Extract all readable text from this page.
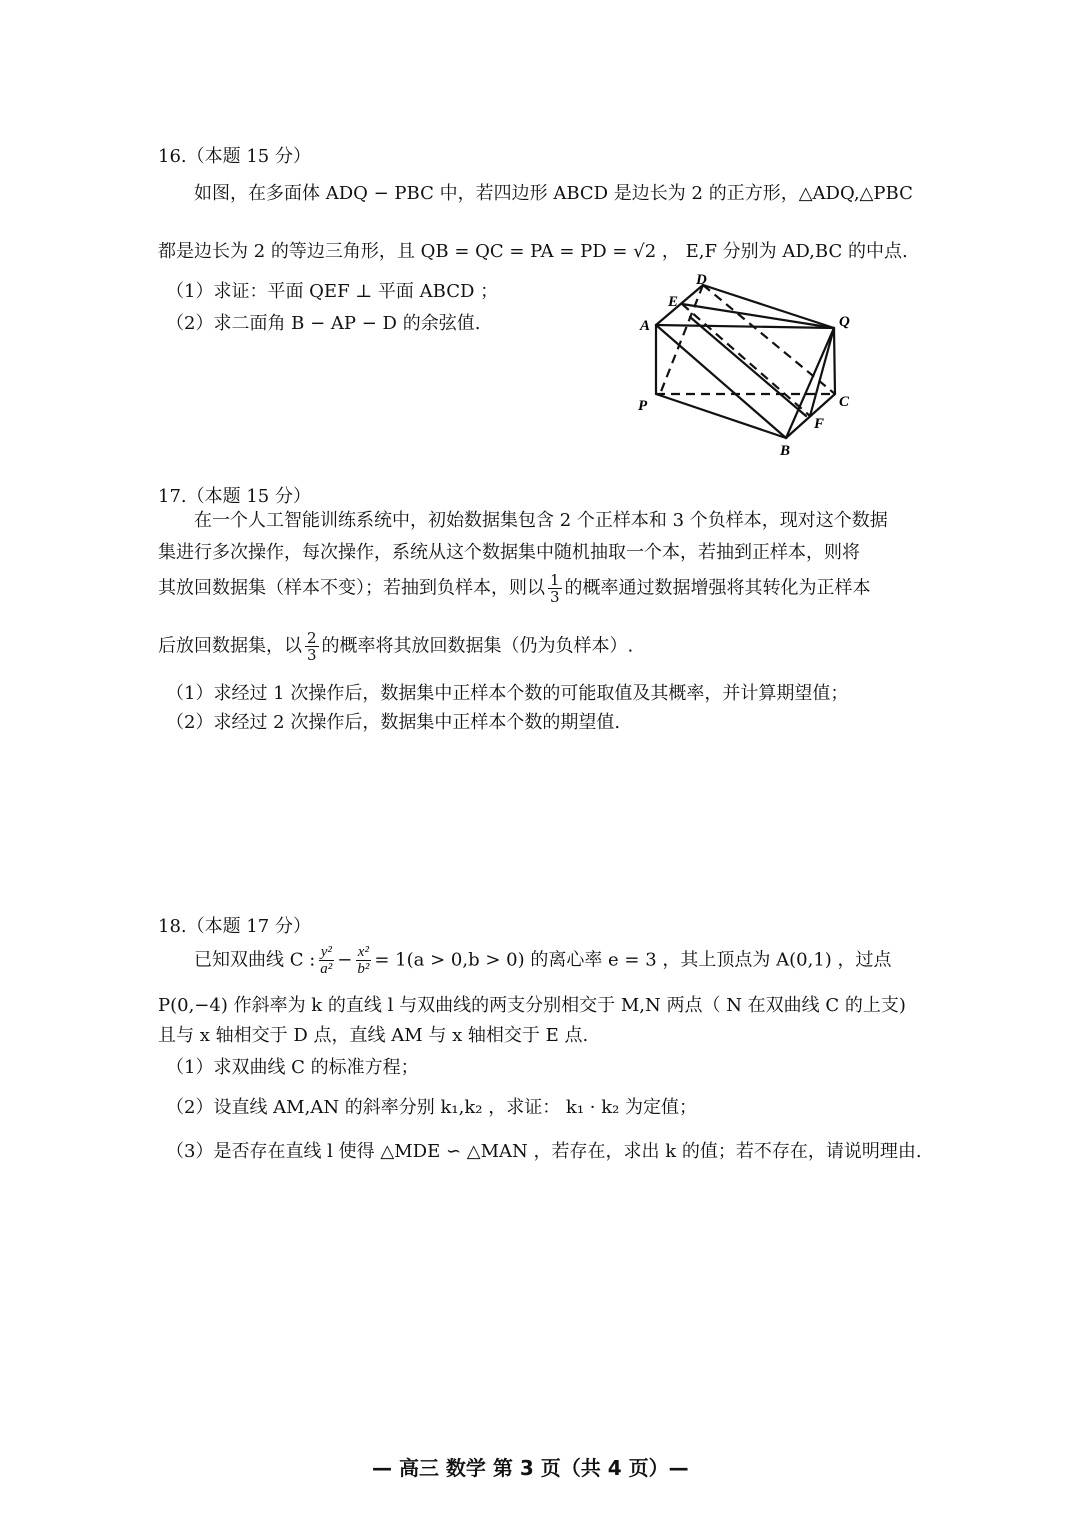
16.（本题 15 分）
如图，在多面体 ADQ − PBC 中，若四边形 ABCD 是边长为 2 的正方形，△ADQ,△PBC
都是边长为 2 的等边三角形，且 QB = QC = PA = PD = √2 ， E,F 分别为 AD,BC 的中点.
（1）求证：平面 QEF ⊥ 平面 ABCD ；
（2）求二面角 B − AP − D 的余弦值.	A
B
C
D
E
F
P
Q
17.（本题 15 分）
在一个人工智能训练系统中，初始数据集包含 2 个正样本和 3 个负样本，现对这个数据
集进行多次操作，每次操作，系统从这个数据集中随机抽取一个本，若抽到正样本，则将
其放回数据集（样本不变）；若抽到负样本，则以 $\frac{1}{3}$ 的概率通过数据增强将其转化为正样本
后放回数据集，以 $\frac{2}{3}$ 的概率将其放回数据集（仍为负样本）.
（1）求经过 1 次操作后，数据集中正样本个数的可能取值及其概率，并计算期望值；
（2）求经过 2 次操作后，数据集中正样本个数的期望值.
18.（本题 17 分）
已知双曲线 C : $\frac{\text{y²}}{\text{a²}} - \frac{\text{x²}}{\text{b²}} = 1(a > 0,b > 0)$ 的离心率 e = 3 ，其上顶点为 A(0,1) ，过点
P(0,−4) 作斜率为 k 的直线 l 与双曲线的两支分别相交于 M,N 两点（ N 在双曲线 C 的上支)
且与 x 轴相交于 D 点，直线 AM 与 x 轴相交于 E 点.
（1）求双曲线 C 的标准方程；
（2）设直线 AM,AN 的斜率分别 k₁,k₂ ，求证： k₁ · k₂ 为定值；
（3）是否存在直线 l 使得 △MDE ∽ △MAN ，若存在，求出 k 的值；若不存在，请说明理由.
— 高三 数学 第 3 页（共 4 页）—
